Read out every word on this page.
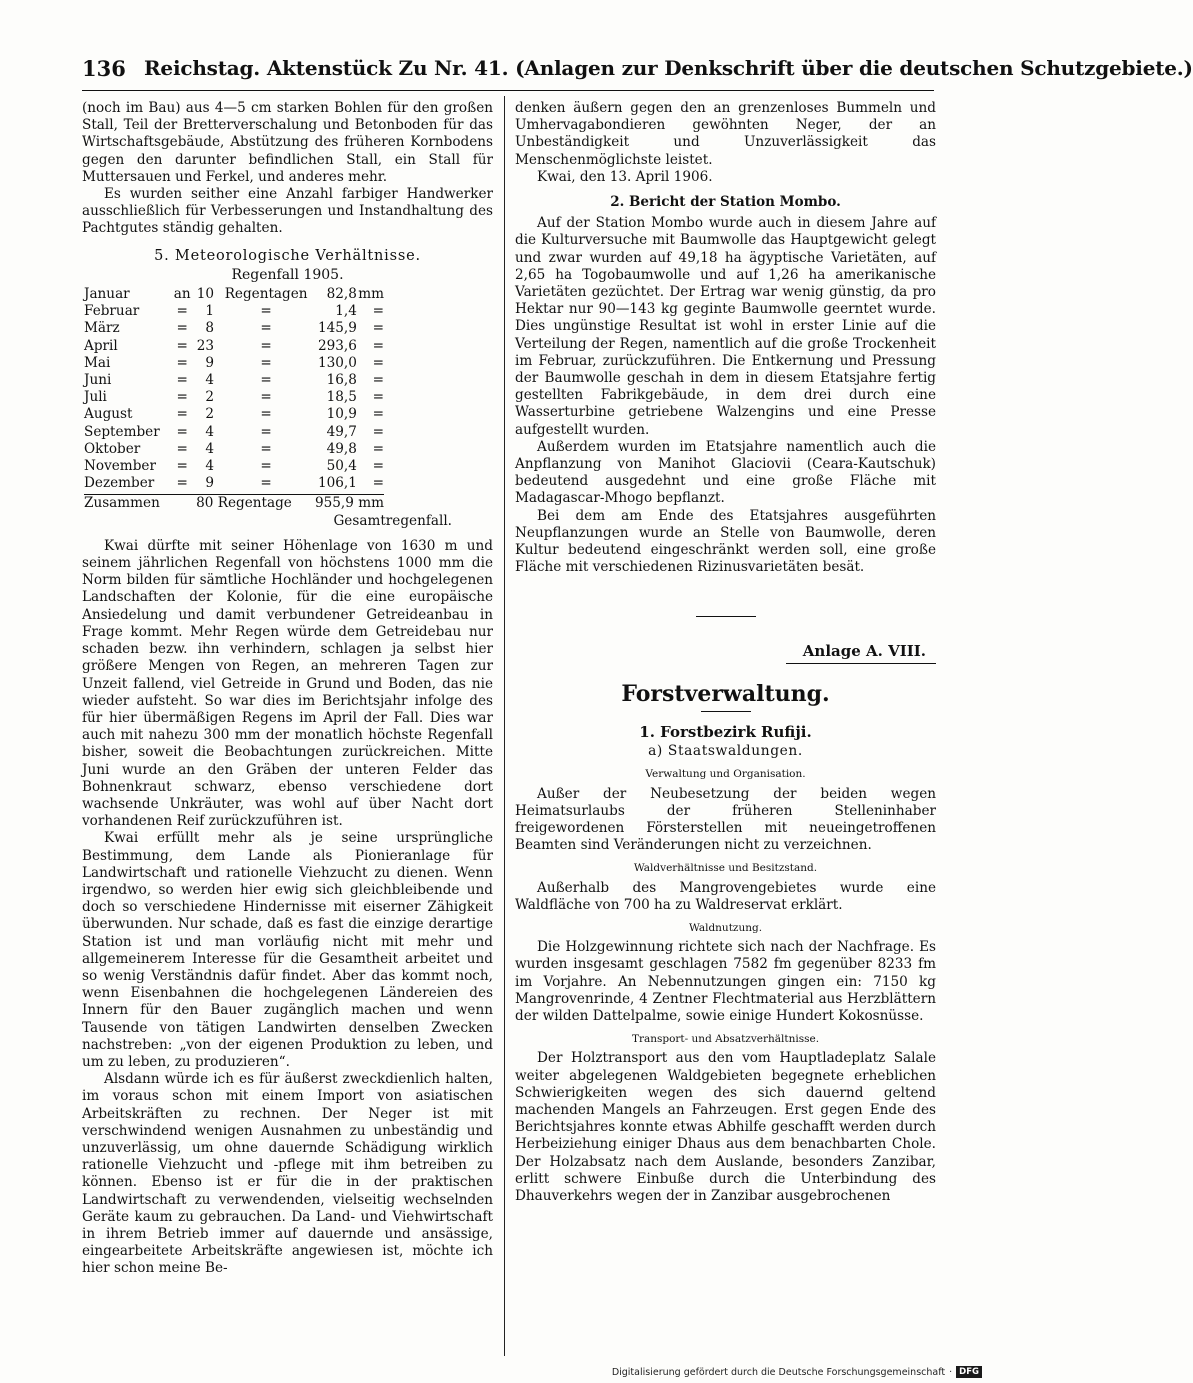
136 Reichstag. Aktenstück Zu Nr. 41. (Anlagen zur Denkschrift über die deutschen Schutzgebiete.)

(noch im Bau) aus 4—5 cm starken Bohlen für den großen Stall, Teil der Bretterverschalung und Betonboden für das Wirtschaftsgebäude, Abstützung des früheren Kornbodens gegen den darunter befindlichen Stall, ein Stall für Muttersauen und Ferkel, und anderes mehr.

Es wurden seither eine Anzahl farbiger Handwerker ausschließlich für Verbesserungen und Instandhaltung des Pachtgutes ständig gehalten.

5. Meteorologische Verhältnisse.
Regenfall 1905.
Januar	an	10	Regentagen	82,8	mm
Februar	=	1	=	1,4	=
März	=	8	=	145,9	=
April	=	23	=	293,6	=
Mai	=	9	=	130,0	=
Juni	=	4	=	16,8	=
Juli	=	2	=	18,5	=
August	=	2	=	10,9	=
September	=	4	=	49,7	=
Oktober	=	4	=	49,8	=
November	=	4	=	50,4	=
Dezember	=	9	=	106,1	=
Zusammen	80 Regentage	955,9 mm
Gesamtregenfall.

Kwai dürfte mit seiner Höhenlage von 1630 m und seinem jährlichen Regenfall von höchstens 1000 mm die Norm bilden für sämtliche Hochländer und hochgelegenen Landschaften der Kolonie, für die eine europäische Ansiedelung und damit verbundener Getreideanbau in Frage kommt. Mehr Regen würde dem Getreidebau nur schaden bezw. ihn verhindern, schlagen ja selbst hier größere Mengen von Regen, an mehreren Tagen zur Unzeit fallend, viel Getreide in Grund und Boden, das nie wieder aufsteht. So war dies im Berichtsjahr infolge des für hier übermäßigen Regens im April der Fall. Dies war auch mit nahezu 300 mm der monatlich höchste Regenfall bisher, soweit die Beobachtungen zurückreichen. Mitte Juni wurde an den Gräben der unteren Felder das Bohnenkraut schwarz, ebenso verschiedene dort wachsende Unkräuter, was wohl auf über Nacht dort vorhandenen Reif zurückzuführen ist.

Kwai erfüllt mehr als je seine ursprüngliche Bestimmung, dem Lande als Pionieranlage für Landwirtschaft und rationelle Viehzucht zu dienen. Wenn irgendwo, so werden hier ewig sich gleichbleibende und doch so verschiedene Hindernisse mit eiserner Zähigkeit überwunden. Nur schade, daß es fast die einzige derartige Station ist und man vorläufig nicht mit mehr und allgemeinerem Interesse für die Gesamtheit arbeitet und so wenig Verständnis dafür findet. Aber das kommt noch, wenn Eisenbahnen die hochgelegenen Ländereien des Innern für den Bauer zugänglich machen und wenn Tausende von tätigen Landwirten denselben Zwecken nachstreben: „von der eigenen Produktion zu leben, und um zu leben, zu produzieren“.

Alsdann würde ich es für äußerst zweckdienlich halten, im voraus schon mit einem Import von asiatischen Arbeitskräften zu rechnen. Der Neger ist mit verschwindend wenigen Ausnahmen zu unbeständig und unzuverlässig, um ohne dauernde Schädigung wirklich rationelle Viehzucht und -pflege mit ihm betreiben zu können. Ebenso ist er für die in der praktischen Landwirtschaft zu verwendenden, vielseitig wechselnden Geräte kaum zu gebrauchen. Da Land- und Viehwirtschaft in ihrem Betrieb immer auf dauernde und ansässige, eingearbeitete Arbeitskräfte angewiesen ist, möchte ich hier schon meine Be-

denken äußern gegen den an grenzenloses Bummeln und Umhervagabondieren gewöhnten Neger, der an Unbeständigkeit und Unzuverlässigkeit das Menschenmöglichste leistet.

Kwai, den 13. April 1906.

2. Bericht der Station Mombo.

Auf der Station Mombo wurde auch in diesem Jahre auf die Kulturversuche mit Baumwolle das Hauptgewicht gelegt und zwar wurden auf 49,18 ha ägyptische Varietäten, auf 2,65 ha Togobaumwolle und auf 1,26 ha amerikanische Varietäten gezüchtet. Der Ertrag war wenig günstig, da pro Hektar nur 90—143 kg geginte Baumwolle geerntet wurde. Dies ungünstige Resultat ist wohl in erster Linie auf die Verteilung der Regen, namentlich auf die große Trockenheit im Februar, zurückzuführen. Die Entkernung und Pressung der Baumwolle geschah in dem in diesem Etatsjahre fertig gestellten Fabrikgebäude, in dem drei durch eine Wasserturbine getriebene Walzengins und eine Presse aufgestellt wurden.

Außerdem wurden im Etatsjahre namentlich auch die Anpflanzung von Manihot Glaciovii (Ceara-Kautschuk) bedeutend ausgedehnt und eine große Fläche mit Madagascar-Mhogo bepflanzt.

Bei dem am Ende des Etatsjahres ausgeführten Neupflanzungen wurde an Stelle von Baumwolle, deren Kultur bedeutend eingeschränkt werden soll, eine große Fläche mit verschiedenen Rizinusvarietäten besät.

Anlage A. VIII.
Forstverwaltung.
1. Forstbezirk Rufiji.
a) Staatswaldungen.
Verwaltung und Organisation.

Außer der Neubesetzung der beiden wegen Heimatsurlaubs der früheren Stelleninhaber freigewordenen Försterstellen mit neueingetroffenen Beamten sind Veränderungen nicht zu verzeichnen.

Waldverhältnisse und Besitzstand.

Außerhalb des Mangrovengebietes wurde eine Waldfläche von 700 ha zu Waldreservat erklärt.

Waldnutzung.

Die Holzgewinnung richtete sich nach der Nachfrage. Es wurden insgesamt geschlagen 7582 fm gegenüber 8233 fm im Vorjahre. An Nebennutzungen gingen ein: 7150 kg Mangrovenrinde, 4 Zentner Flechtmaterial aus Herzblättern der wilden Dattelpalme, sowie einige Hundert Kokosnüsse.

Transport- und Absatzverhältnisse.

Der Holztransport aus den vom Hauptladeplatz Salale weiter abgelegenen Waldgebieten begegnete erheblichen Schwierigkeiten wegen des sich dauernd geltend machenden Mangels an Fahrzeugen. Erst gegen Ende des Berichtsjahres konnte etwas Abhilfe geschafft werden durch Herbeiziehung einiger Dhaus aus dem benachbarten Chole. Der Holzabsatz nach dem Auslande, besonders Zanzibar, erlitt schwere Einbuße durch die Unterbindung des Dhauverkehrs wegen der in Zanzibar ausgebrochenen

Digitalisierung gefördert durch die Deutsche Forschungsgemeinschaft · DFG
